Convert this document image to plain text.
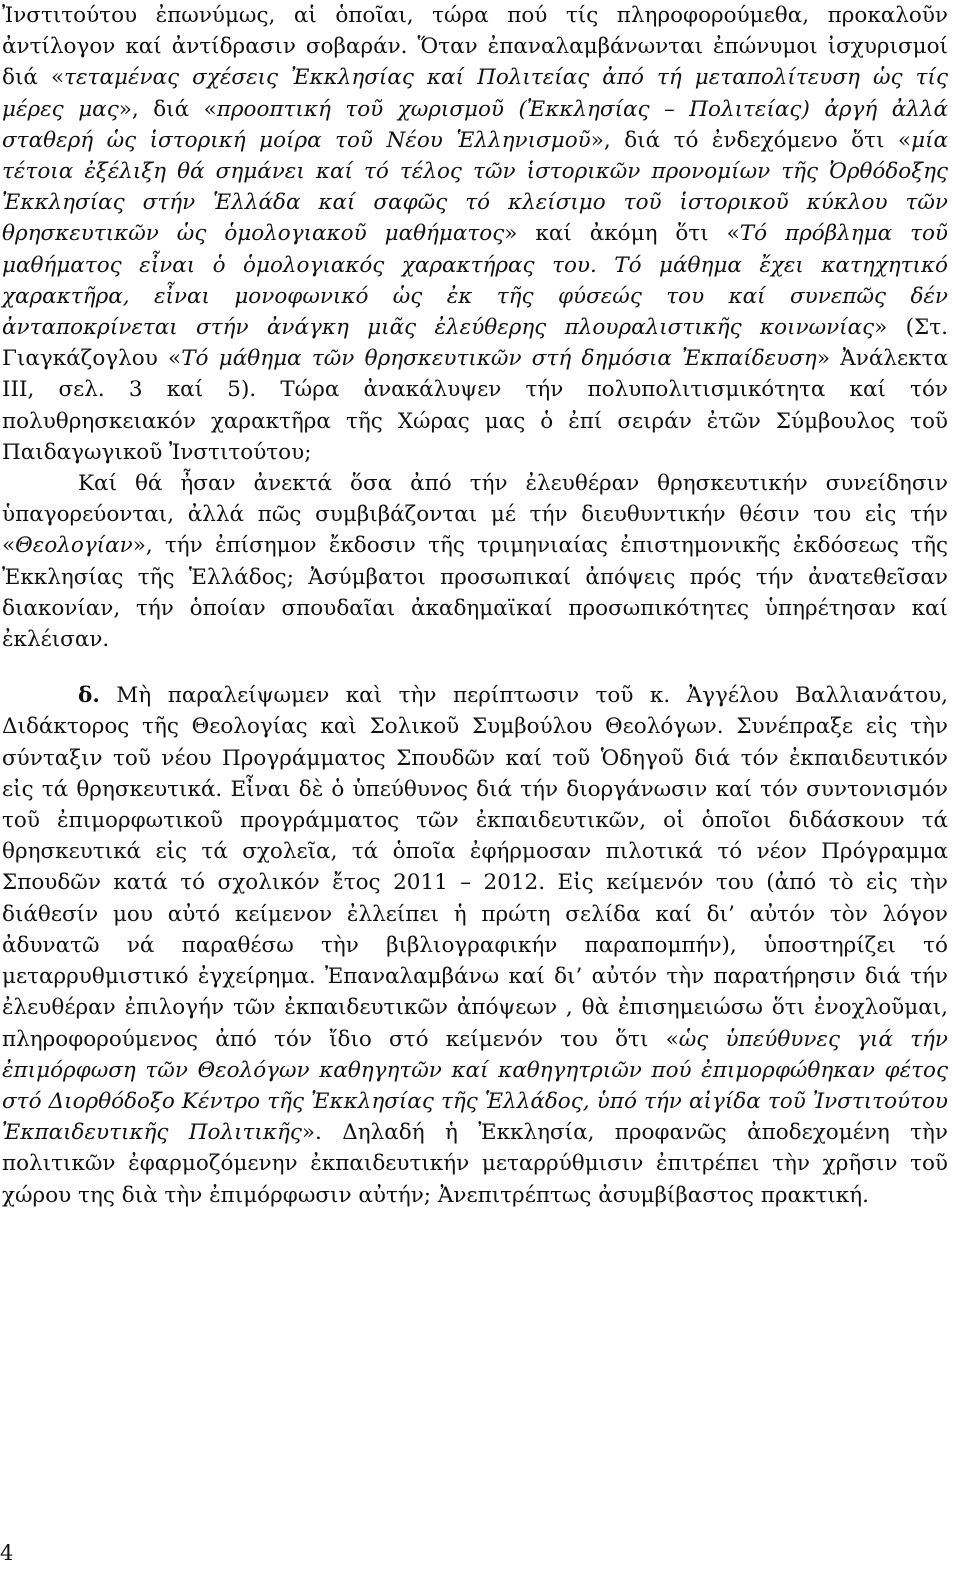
Ἰνστιτούτου ἐπωνύμως, αἱ ὁποῖαι, τώρα πού τίς πληροφορούμεθα, προκαλοῦν ἀντίλογον καί ἀντίδρασιν σοβαράν. Ὅταν ἐπαναλαμβάνωνται ἐπώνυμοι ἰσχυρισμοί διά «τεταμένας σχέσεις Ἐκκλησίας καί Πολιτείας ἀπό τή μεταπολίτευση ὡς τίς μέρες μας», διά «προοπτική τοῦ χωρισμοῦ (Ἐκκλησίας – Πολιτείας) ἀργή ἀλλά σταθερή ὡς ἱστορική μοίρα τοῦ Νέου Ἑλληνισμοῦ», διά τό ἐνδεχόμενο ὅτι «μία τέτοια ἐξέλιξη θά σημάνει καί τό τέλος τῶν ἱστορικῶν προνομίων τῆς Ὀρθόδοξης Ἐκκλησίας στήν Ἑλλάδα καί σαφῶς τό κλείσιμο τοῦ ἱστορικοῦ κύκλου τῶν θρησκευτικῶν ὡς ὁμολογιακοῦ μαθήματος» καί ἀκόμη ὅτι «Τό πρόβλημα τοῦ μαθήματος εἶναι ὁ ὁμολογιακός χαρακτήρας του. Τό μάθημα ἔχει κατηχητικό χαρακτῆρα, εἶναι μονοφωνικό ὡς ἐκ τῆς φύσεώς του καί συνεπῶς δέν ἀνταποκρίνεται στήν ἀνάγκη μιᾶς ἐλεύθερης πλουραλιστικῆς κοινωνίας» (Στ. Γιαγκάζογλου «Τό μάθημα τῶν θρησκευτικῶν στή δημόσια Ἐκπαίδευση» Ἀνάλεκτα ΙΙΙ, σελ. 3 καί 5). Τώρα ἀνακάλυψεν τήν πολυπολιτισμικότητα καί τόν πολυθρησκειακόν χαρακτῆρα τῆς Χώρας μας ὁ ἐπί σειράν ἐτῶν Σύμβουλος τοῦ Παιδαγωγικοῦ Ἰνστιτούτου;

Καί θά ἦσαν ἀνεκτά ὅσα ἀπό τήν ἐλευθέραν θρησκευτικήν συνείδησιν ὑπαγορεύονται, ἀλλά πῶς συμβιβάζονται μέ τήν διευθυντικήν θέσιν του εἰς τήν «Θεολογίαν», τήν ἐπίσημον ἔκδοσιν τῆς τριμηνιαίας ἐπιστημονικῆς ἐκδόσεως τῆς Ἐκκλησίας τῆς Ἑλλάδος; Ἀσύμβατοι προσωπικαί ἀπόψεις πρός τήν ἀνατεθεῖσαν διακονίαν, τήν ὁποίαν σπουδαῖαι ἀκαδημαϊκαί προσωπικότητες ὑπηρέτησαν καί ἐκλέισαν.

δ. Μὴ παραλείψωμεν καὶ τὴν περίπτωσιν τοῦ κ. Ἀγγέλου Βαλλιανάτου, Διδάκτορος τῆς Θεολογίας καὶ Σολικοῦ Συμβούλου Θεολόγων. Συνέπραξε εἰς τὴν σύνταξιν τοῦ νέου Προγράμματος Σπουδῶν καί τοῦ Ὁδηγοῦ διά τόν ἐκπαιδευτικόν εἰς τά θρησκευτικά. Εἶναι δὲ ὁ ὑπεύθυνος διά τήν διοργάνωσιν καί τόν συντονισμόν τοῦ ἐπιμορφωτικοῦ προγράμματος τῶν ἐκπαιδευτικῶν, οἱ ὁποῖοι διδάσκουν τά θρησκευτικά εἰς τά σχολεῖα, τά ὁποῖα ἐφήρμοσαν πιλοτικά τό νέον Πρόγραμμα Σπουδῶν κατά τό σχολικόν ἔτος 2011 – 2012. Εἰς κείμενόν του (ἀπό τὸ εἰς τὴν διάθεσίν μου αὐτό κείμενον ἐλλείπει ἡ πρώτη σελίδα καί δι’ αὐτόν τὸν λόγον ἀδυνατῶ νά παραθέσω τὴν βιβλιογραφικήν παραπομπήν), ὑποστηρίζει τό μεταρρυθμιστικό ἐγχείρημα. Ἐπαναλαμβάνω καί δι’ αὐτόν τὴν παρατήρησιν διά τήν ἐλευθέραν ἐπιλογήν τῶν ἐκπαιδευτικῶν ἀπόψεων , θὰ ἐπισημειώσω ὅτι ἐνοχλοῦμαι, πληροφορούμενος ἀπό τόν ἴδιο στό κείμενόν του ὅτι «ὡς ὑπεύθυνες γιά τήν ἐπιμόρφωση τῶν Θεολόγων καθηγητῶν καί καθηγητριῶν πού ἐπιμορφώθηκαν φέτος στό Διορθόδοξο Κέντρο τῆς Ἐκκλησίας τῆς Ἑλλάδος, ὑπό τήν αἰγίδα τοῦ Ἰνστιτούτου Ἐκπαιδευτικῆς Πολιτικῆς». Δηλαδή ἡ Ἐκκλησία, προφανῶς ἀποδεχομένη τὴν πολιτικῶν ἐφαρμοζόμενην ἐκπαιδευτικήν μεταρρύθμισιν ἐπιτρέπει τὴν χρῆσιν τοῦ χώρου της διὰ τὴν ἐπιμόρφωσιν αὐτήν; Ἀνεπιτρέπτως ἀσυμβίβαστος πρακτική.

4
